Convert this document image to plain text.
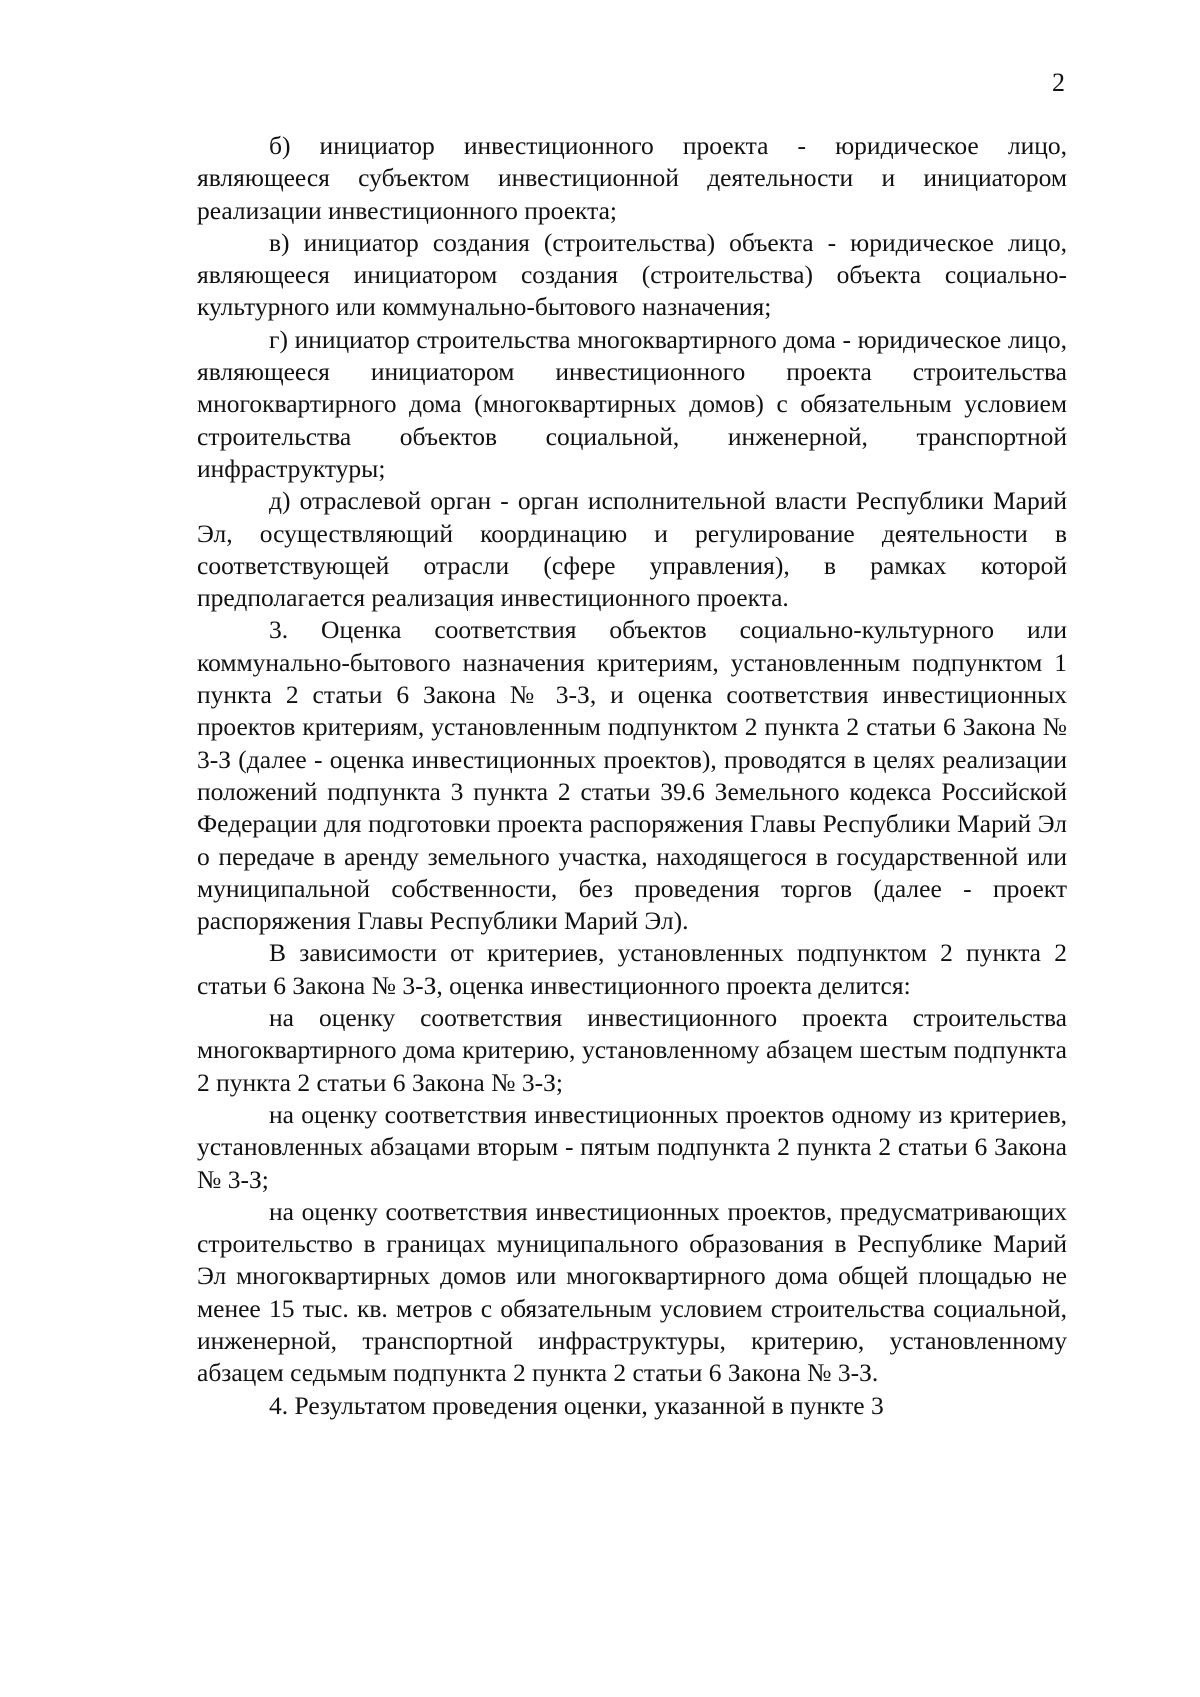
2

б) инициатор инвестиционного проекта - юридическое лицо, являющееся субъектом инвестиционной деятельности и инициатором реализации инвестиционного проекта;

в) инициатор создания (строительства) объекта - юридическое лицо, являющееся инициатором создания (строительства) объекта социально-культурного или коммунально-бытового назначения;

г) инициатор строительства многоквартирного дома - юридическое лицо, являющееся инициатором инвестиционного проекта строительства многоквартирного дома (многоквартирных домов) с обязательным условием строительства объектов социальной, инженерной, транспортной инфраструктуры;

д) отраслевой орган - орган исполнительной власти Республики Марий Эл, осуществляющий координацию и регулирование деятельности в соответствующей отрасли (сфере управления), в рамках которой предполагается реализация инвестиционного проекта.

3. Оценка соответствия объектов социально-культурного или коммунально-бытового назначения критериям, установленным подпунктом 1 пункта 2 статьи 6 Закона № 3-З, и оценка соответствия инвестиционных проектов критериям, установленным подпунктом 2 пункта 2 статьи 6 Закона № 3-З (далее - оценка инвестиционных проектов), проводятся в целях реализации положений подпункта 3 пункта 2 статьи 39.6 Земельного кодекса Российской Федерации для подготовки проекта распоряжения Главы Республики Марий Эл о передаче в аренду земельного участка, находящегося в государственной или муниципальной собственности, без проведения торгов (далее - проект распоряжения Главы Республики Марий Эл).

В зависимости от критериев, установленных подпунктом 2 пункта 2 статьи 6 Закона № 3-З, оценка инвестиционного проекта делится:

на оценку соответствия инвестиционного проекта строительства многоквартирного дома критерию, установленному абзацем шестым подпункта 2 пункта 2 статьи 6 Закона № 3-З;

на оценку соответствия инвестиционных проектов одному из критериев, установленных абзацами вторым - пятым подпункта 2 пункта 2 статьи 6 Закона № 3-З;

на оценку соответствия инвестиционных проектов, предусматривающих строительство в границах муниципального образования в Республике Марий Эл многоквартирных домов или многоквартирного дома общей площадью не менее 15 тыс. кв. метров с обязательным условием строительства социальной, инженерной, транспортной инфраструктуры, критерию, установленному абзацем седьмым подпункта 2 пункта 2 статьи 6 Закона № 3-З.

4. Результатом проведения оценки, указанной в пункте 3
